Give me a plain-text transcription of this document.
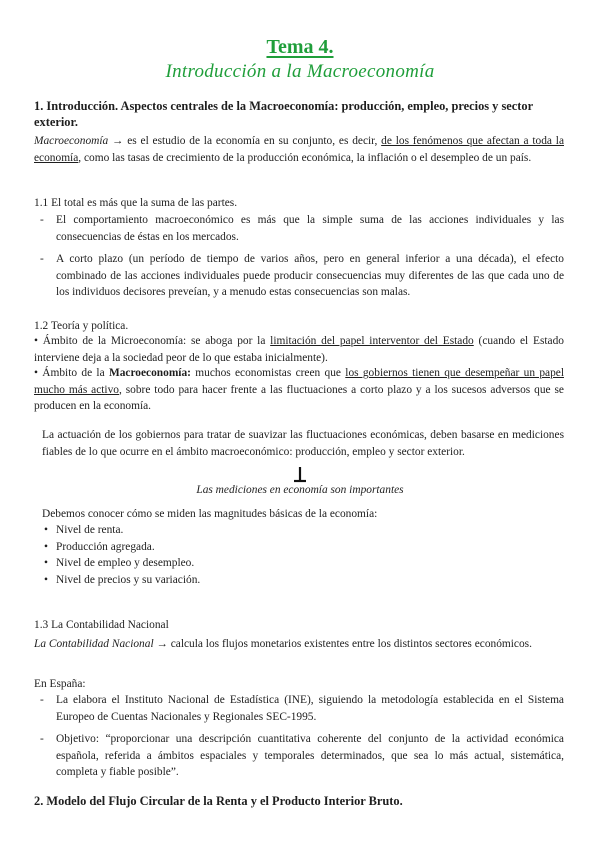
Tema 4.
Introducción a la Macroeconomía
1. Introducción. Aspectos centrales de la Macroeconomía: producción, empleo, precios y sector exterior.
Macroeconomía → es el estudio de la economía en su conjunto, es decir, de los fenómenos que afectan a toda la economía, como las tasas de crecimiento de la producción económica, la inflación o el desempleo de un país.
1.1 El total es más que la suma de las partes.
- El comportamiento macroeconómico es más que la simple suma de las acciones individuales y las consecuencias de éstas en los mercados.
- A corto plazo (un período de tiempo de varios años, pero en general inferior a una década), el efecto combinado de las acciones individuales puede producir consecuencias muy diferentes de las que cada uno de los individuos decisores preveían, y a menudo estas consecuencias son malas.
1.2 Teoría y política.
• Ámbito de la Microeconomía: se aboga por la limitación del papel interventor del Estado (cuando el Estado interviene deja a la sociedad peor de lo que estaba inicialmente).
• Ámbito de la Macroeconomía: muchos economistas creen que los gobiernos tienen que desempeñar un papel mucho más activo, sobre todo para hacer frente a las fluctuaciones a corto plazo y a los sucesos adversos que se producen en la economía.
La actuación de los gobiernos para tratar de suavizar las fluctuaciones económicas, deben basarse en mediciones fiables de lo que ocurre en el ámbito macroeconómico: producción, empleo y sector exterior.
Las mediciones en economía son importantes
Debemos conocer cómo se miden las magnitudes básicas de la economía:
• Nivel de renta.
• Producción agregada.
• Nivel de empleo y desempleo.
• Nivel de precios y su variación.
1.3 La Contabilidad Nacional
La Contabilidad Nacional → calcula los flujos monetarios existentes entre los distintos sectores económicos.
En España:
- La elabora el Instituto Nacional de Estadística (INE), siguiendo la metodología establecida en el Sistema Europeo de Cuentas Nacionales y Regionales SEC-1995.
- Objetivo: “proporcionar una descripción cuantitativa coherente del conjunto de la actividad económica española, referida a ámbitos espaciales y temporales determinados, que sea lo más actual, sistemática, completa y fiable posible”.
2. Modelo del Flujo Circular de la Renta y el Producto Interior Bruto.
